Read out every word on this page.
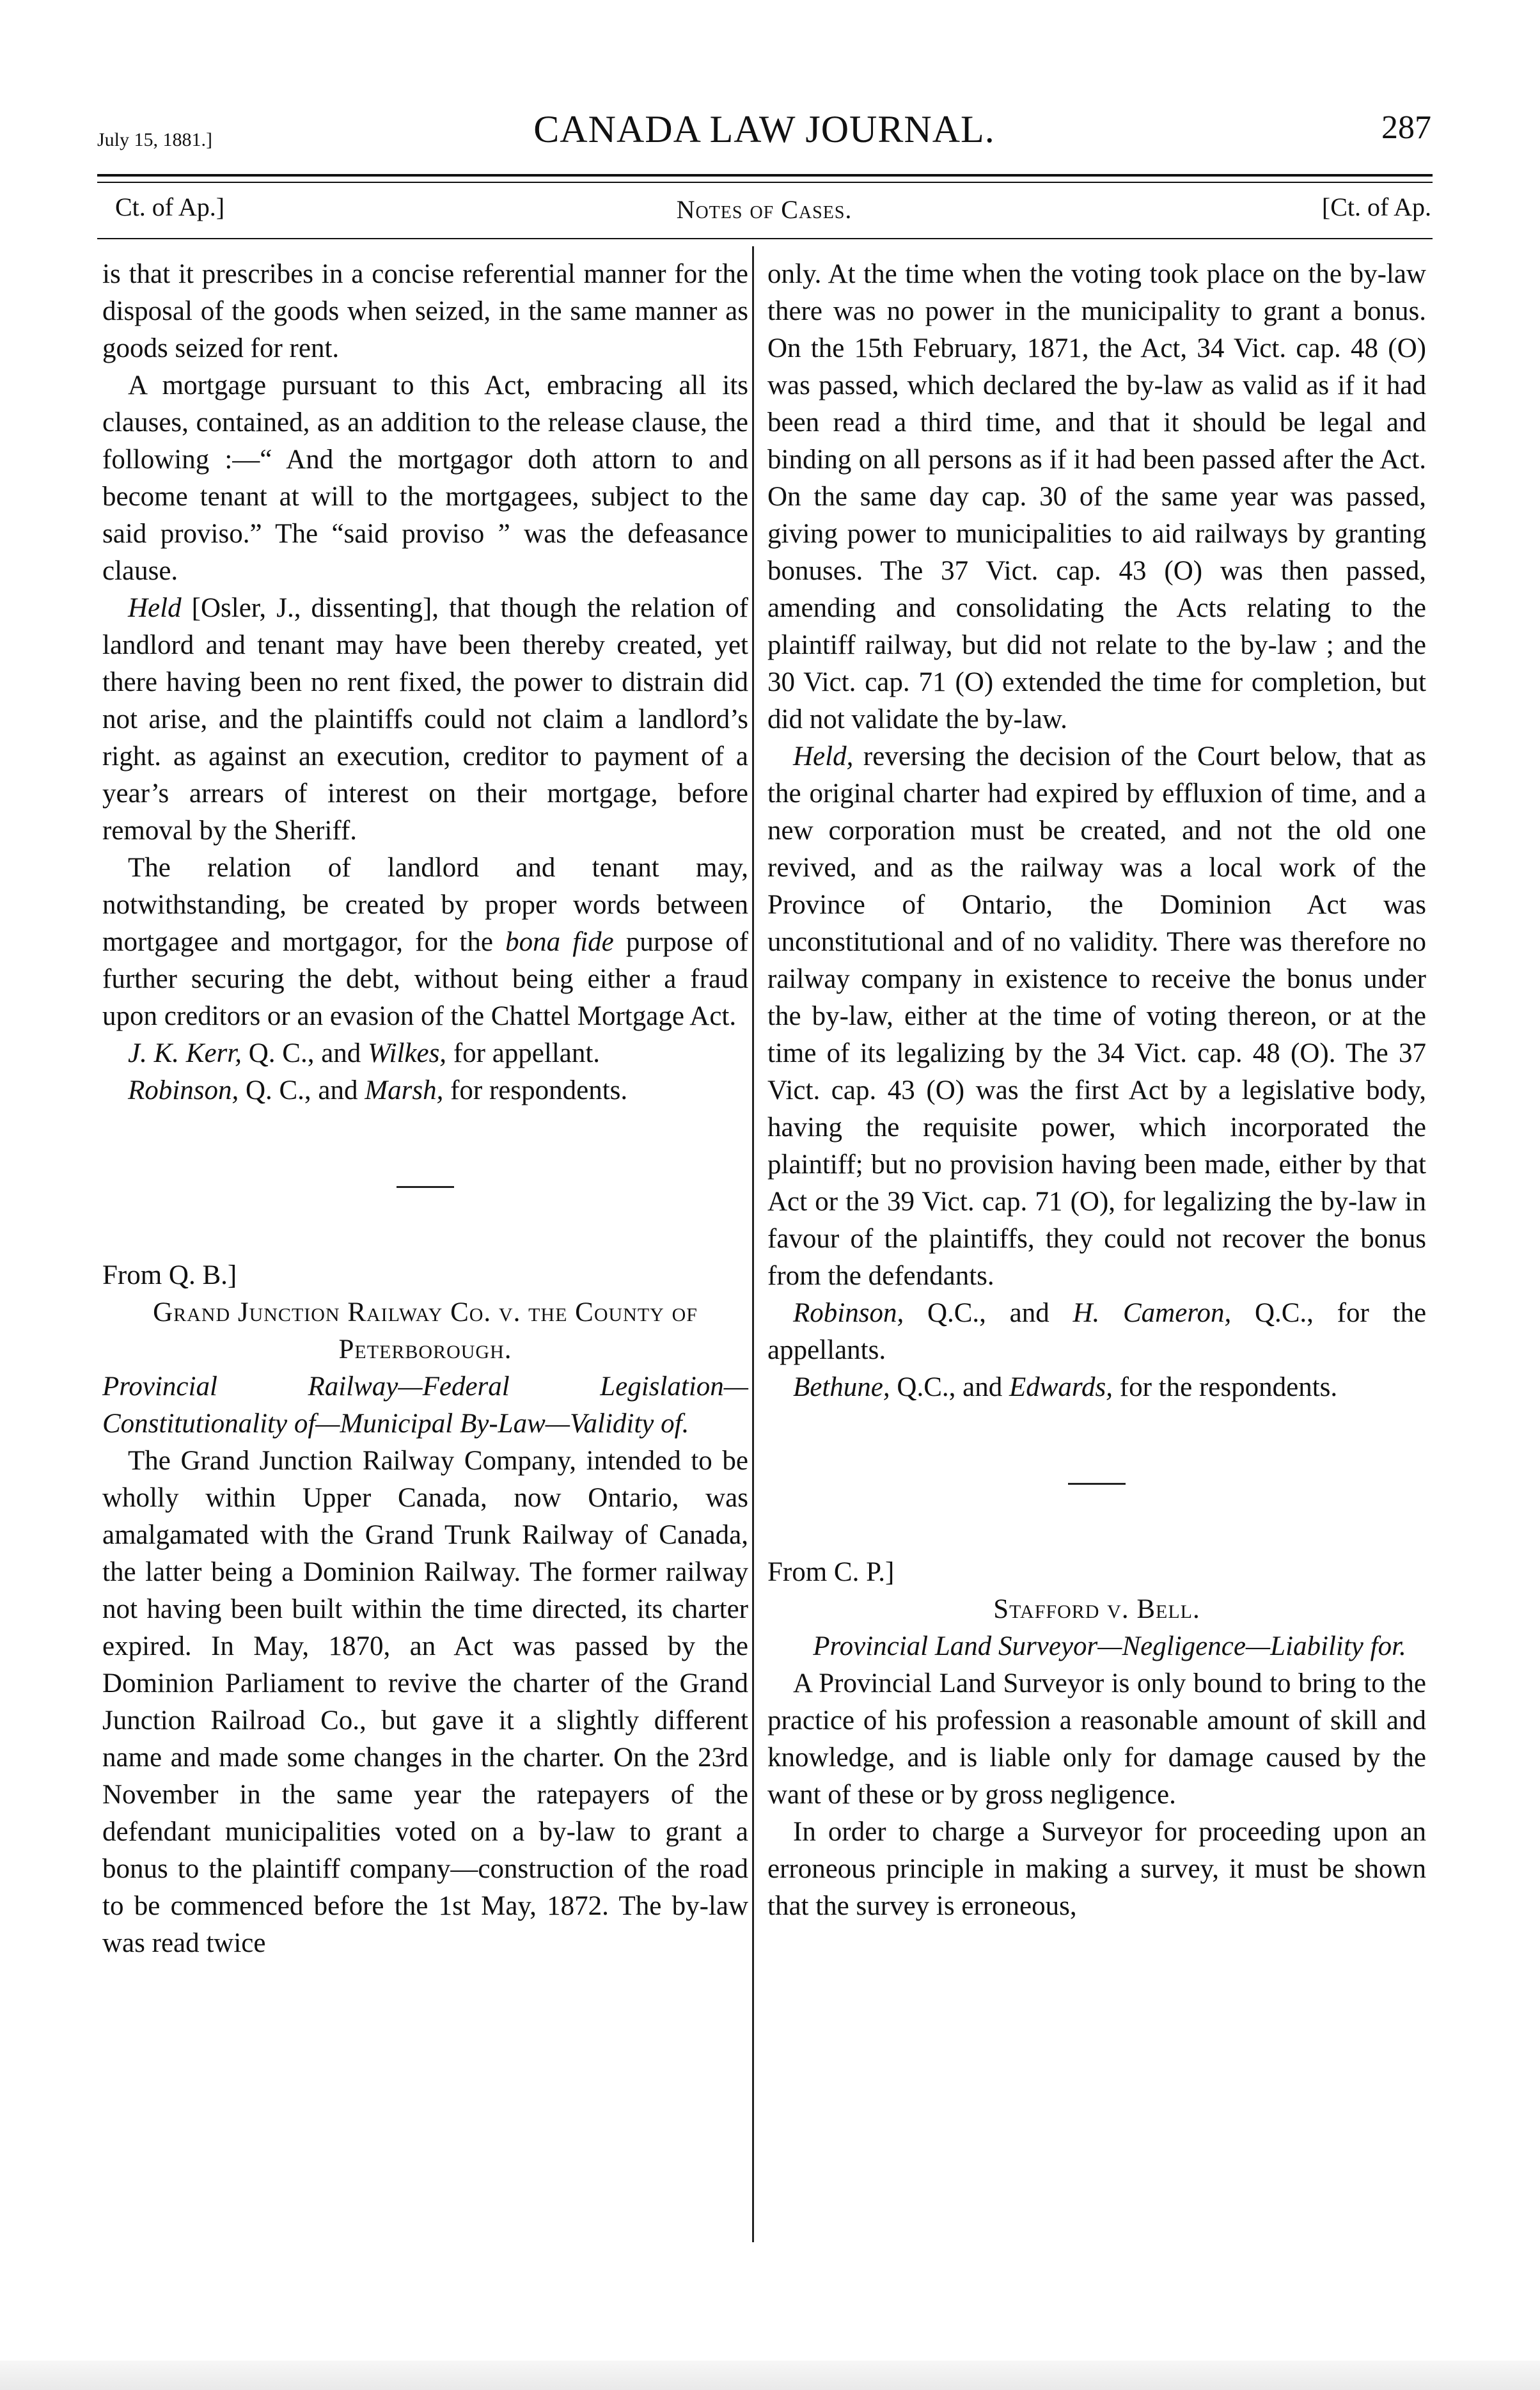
July 15, 1881.]	CANADA LAW JOURNAL.	287
Ct. of Ap.]	Notes of Cases.	[Ct. of Ap.

is that it prescribes in a concise referential manner for the disposal of the goods when seized, in the same manner as goods seized for rent.

A mortgage pursuant to this Act, embracing all its clauses, contained, as an addition to the release clause, the following :—“ And the mortgagor doth attorn to and become tenant at will to the mortgagees, subject to the said proviso.” The “said proviso ” was the defeasance clause.

Held [Osler, J., dissenting], that though the relation of landlord and tenant may have been thereby created, yet there having been no rent fixed, the power to distrain did not arise, and the plaintiffs could not claim a landlord’s right. as against an execution, creditor to payment of a year’s arrears of interest on their mortgage, before removal by the Sheriff.

The relation of landlord and tenant may, notwithstanding, be created by proper words between mortgagee and mortgagor, for the bona fide purpose of further securing the debt, without being either a fraud upon creditors or an evasion of the Chattel Mortgage Act.

J. K. Kerr, Q. C., and Wilkes, for appellant.

Robinson, Q. C., and Marsh, for respondents.

From Q. B.]

Grand Junction Railway Co. v. the County of Peterborough.

Provincial Railway—Federal Legislation—Constitutionality of—Municipal By-Law—Validity of.

The Grand Junction Railway Company, intended to be wholly within Upper Canada, now Ontario, was amalgamated with the Grand Trunk Railway of Canada, the latter being a Dominion Railway. The former railway not having been built within the time directed, its charter expired. In May, 1870, an Act was passed by the Dominion Parliament to revive the charter of the Grand Junction Railroad Co., but gave it a slightly different name and made some changes in the charter. On the 23rd November in the same year the ratepayers of the defendant municipalities voted on a by-law to grant a bonus to the plaintiff company—construction of the road to be commenced before the 1st May, 1872. The by-law was read twice

only. At the time when the voting took place on the by-law there was no power in the municipality to grant a bonus. On the 15th February, 1871, the Act, 34 Vict. cap. 48 (O) was passed, which declared the by-law as valid as if it had been read a third time, and that it should be legal and binding on all persons as if it had been passed after the Act. On the same day cap. 30 of the same year was passed, giving power to municipalities to aid railways by granting bonuses. The 37 Vict. cap. 43 (O) was then passed, amending and consolidating the Acts relating to the plaintiff railway, but did not relate to the by-law ; and the 30 Vict. cap. 71 (O) extended the time for completion, but did not validate the by-law.

Held, reversing the decision of the Court below, that as the original charter had expired by effluxion of time, and a new corporation must be created, and not the old one revived, and as the railway was a local work of the Province of Ontario, the Dominion Act was unconstitutional and of no validity. There was therefore no railway company in existence to receive the bonus under the by-law, either at the time of voting thereon, or at the time of its legalizing by the 34 Vict. cap. 48 (O). The 37 Vict. cap. 43 (O) was the first Act by a legislative body, having the requisite power, which incorporated the plaintiff; but no provision having been made, either by that Act or the 39 Vict. cap. 71 (O), for legalizing the by-law in favour of the plaintiffs, they could not recover the bonus from the defendants.

Robinson, Q.C., and H. Cameron, Q.C., for the appellants.

Bethune, Q.C., and Edwards, for the respondents.

From C. P.]

Stafford v. Bell.

Provincial Land Surveyor—Negligence—Liability for.

A Provincial Land Surveyor is only bound to bring to the practice of his profession a reasonable amount of skill and knowledge, and is liable only for damage caused by the want of these or by gross negligence.

In order to charge a Surveyor for proceeding upon an erroneous principle in making a survey, it must be shown that the survey is erroneous,
